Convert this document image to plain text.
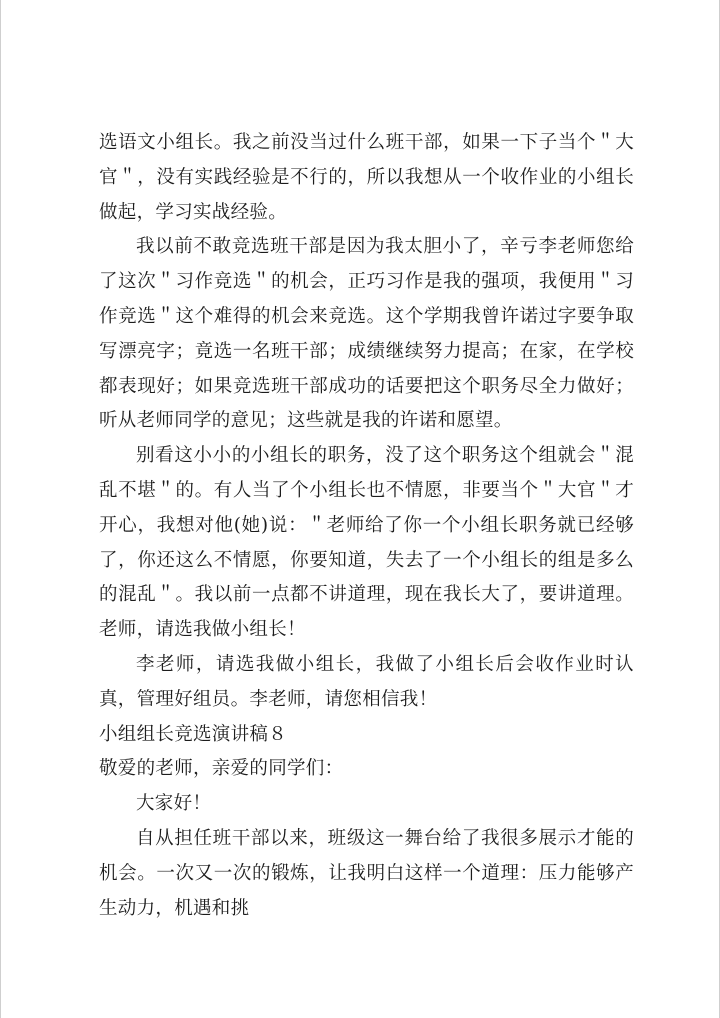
选语文小组长。我之前没当过什么班干部，如果一下子当个＂大官＂，没有实践经验是不行的，所以我想从一个收作业的小组长做起，学习实战经验。

我以前不敢竞选班干部是因为我太胆小了，辛亏李老师您给了这次＂习作竞选＂的机会，正巧习作是我的强项，我便用＂习作竞选＂这个难得的机会来竞选。这个学期我曾许诺过字要争取写漂亮字；竟选一名班干部；成绩继续努力提高；在家，在学校都表现好；如果竞选班干部成功的话要把这个职务尽全力做好；听从老师同学的意见；这些就是我的许诺和愿望。

别看这小小的小组长的职务，没了这个职务这个组就会＂混乱不堪＂的。有人当了个小组长也不情愿，非要当个＂大官＂才开心，我想对他(她)说：＂老师给了你一个小组长职务就已经够了，你还这么不情愿，你要知道，失去了一个小组长的组是多么的混乱＂。我以前一点都不讲道理，现在我长大了，要讲道理。老师，请选我做小组长！

李老师，请选我做小组长，我做了小组长后会收作业时认真，管理好组员。李老师，请您相信我！

小组组长竞选演讲稿８

敬爱的老师，亲爱的同学们：

大家好！

自从担任班干部以来，班级这一舞台给了我很多展示才能的机会。一次又一次的锻炼，让我明白这样一个道理：压力能够产生动力，机遇和挑
